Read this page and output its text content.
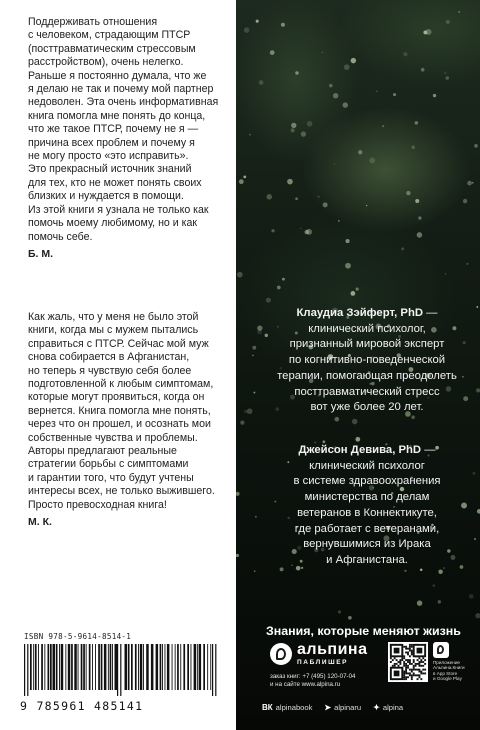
Поддерживать отношения
с человеком, страдающим ПТСР
(посттравматическим стрессовым
расстройством), очень нелегко.
Раньше я постоянно думала, что же
я делаю не так и почему мой партнер
недоволен. Эта очень информативная
книга помогла мне понять до конца,
что же такое ПТСР, почему не я —
причина всех проблем и почему я
не могу просто «это исправить».
Это прекрасный источник знаний
для тех, кто не может понять своих
близких и нуждается в помощи.
Из этой книги я узнала не только как
помочь моему любимому, но и как
помочь себе.
Б. М.
Как жаль, что у меня не было этой
книги, когда мы с мужем пытались
справиться с ПТСР. Сейчас мой муж
снова собирается в Афганистан,
но теперь я чувствую себя более
подготовленной к любым симптомам,
которые могут проявиться, когда он
вернется. Книга помогла мне понять,
через что он прошел, и осознать мои
собственные чувства и проблемы.
Авторы предлагают реальные
стратегии борьбы с симптомами
и гарантии того, что будут учтены
интересы всех, не только выжившего.
Просто превосходная книга!
М. К.
ISBN 978-5-9614-8514-1
9 785961 485141
Клаудиа Зэйферт, PhD —
клинический психолог,
признанный мировой эксперт
по когнитивно-поведенческой
терапии, помогающая преодолеть
посттравматический стресс
вот уже более 20 лет.
Джейсон Девива, PhD —
клинический психолог
в системе здравоохранения
министерства по делам
ветеранов в Коннектикуте,
где работает с ветеранами,
вернувшимися из Ирака
и Афганистана.
Знания, которые меняют жизнь
альпина
ПАБЛИШЕР
заказ книг: +7 (495) 120-07-04
и на сайте www.alpina.ru
Приложение
Альпина.Книги
в App Store
и Google Play
ВК alpinabook ➤ alpinaru ✦ alpina
